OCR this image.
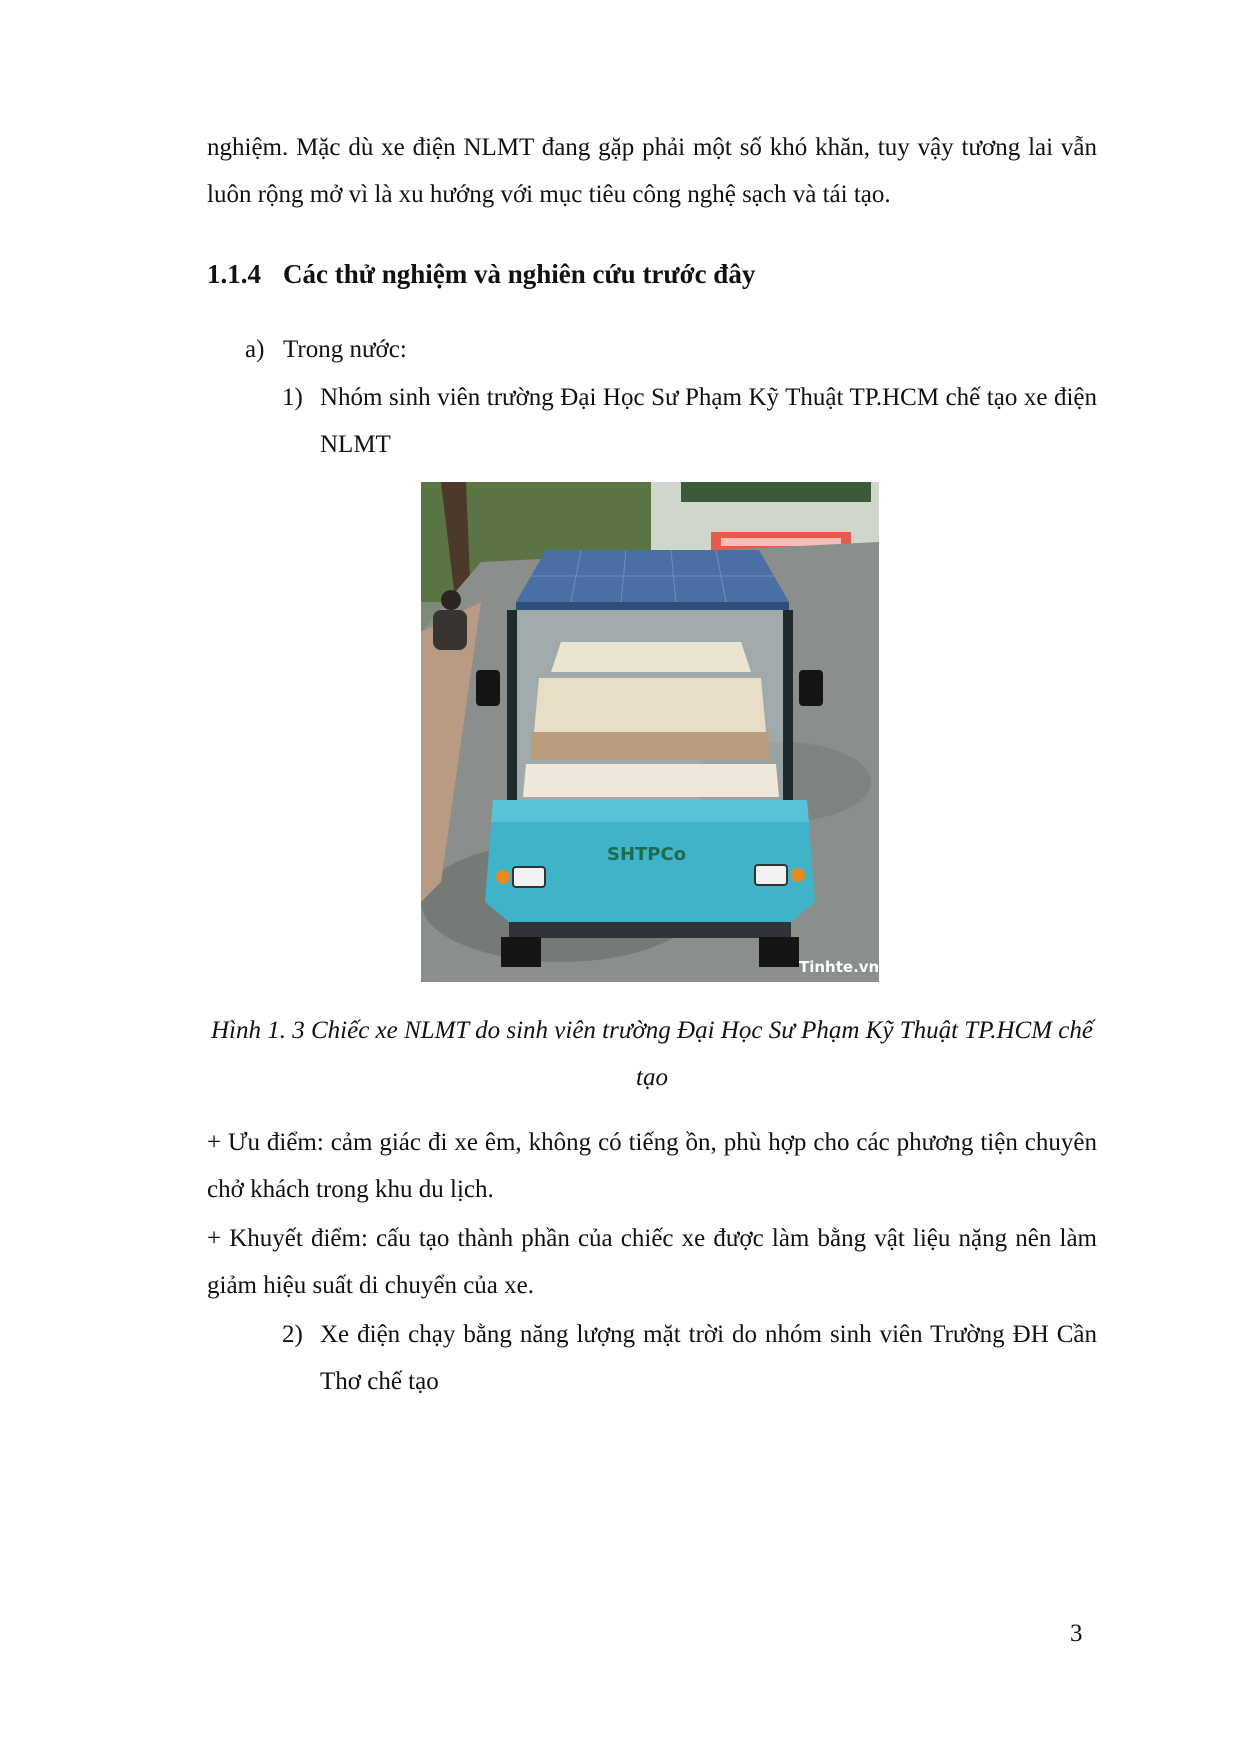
nghiệm. Mặc dù xe điện NLMT đang gặp phải một số khó khăn, tuy vậy tương lai vẫn luôn rộng mở vì là xu hướng với mục tiêu công nghệ sạch và tái tạo.

1.1.4 Các thử nghiệm và nghiên cứu trước đây
a) Trong nước:
1) Nhóm sinh viên trường Đại Học Sư Phạm Kỹ Thuật TP.HCM chế tạo xe điện NLMT
SHTPCo
Tinhte.vn

Hình 1. 3 Chiếc xe NLMT do sinh viên trường Đại Học Sư Phạm Kỹ Thuật TP.HCM chế tạo

+ Ưu điểm: cảm giác đi xe êm, không có tiếng ồn, phù hợp cho các phương tiện chuyên chở khách trong khu du lịch.

+ Khuyết điểm: cấu tạo thành phần của chiếc xe được làm bằng vật liệu nặng nên làm giảm hiệu suất di chuyển của xe.

2) Xe điện chạy bằng năng lượng mặt trời do nhóm sinh viên Trường ĐH Cần Thơ chế tạo
3
